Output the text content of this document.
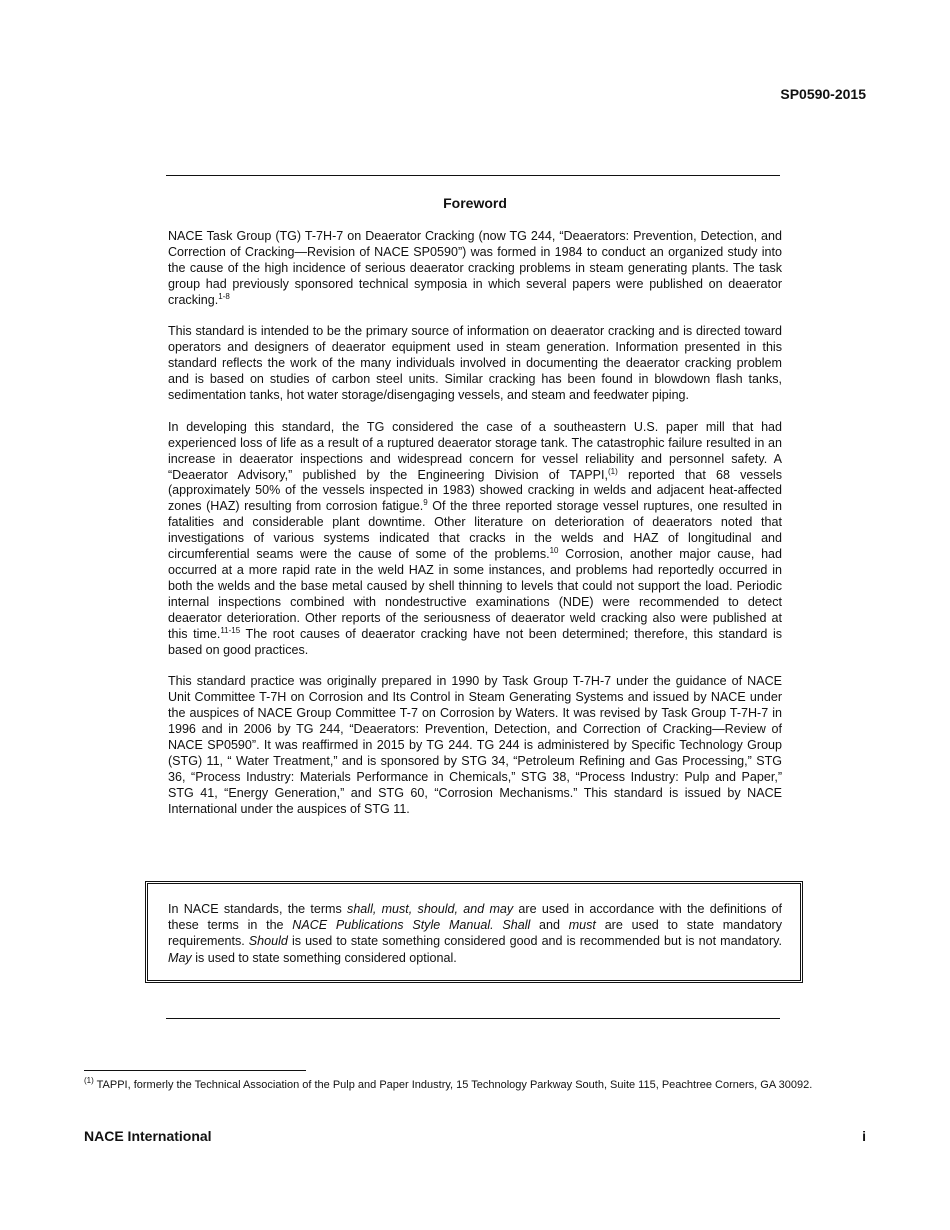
SP0590-2015
Foreword

NACE Task Group (TG) T-7H-7 on Deaerator Cracking (now TG 244, “Deaerators: Prevention, Detection, and Correction of Cracking—Revision of NACE SP0590”) was formed in 1984 to conduct an organized study into the cause of the high incidence of serious deaerator cracking problems in steam generating plants. The task group had previously sponsored technical symposia in which several papers were published on deaerator cracking.$^{1-8}$

This standard is intended to be the primary source of information on deaerator cracking and is directed toward operators and designers of deaerator equipment used in steam generation. Information presented in this standard reflects the work of the many individuals involved in documenting the deaerator cracking problem and is based on studies of carbon steel units. Similar cracking has been found in blowdown flash tanks, sedimentation tanks, hot water storage/disengaging vessels, and steam and feedwater piping.

In developing this standard, the TG considered the case of a southeastern U.S. paper mill that had experienced loss of life as a result of a ruptured deaerator storage tank. The catastrophic failure resulted in an increase in deaerator inspections and widespread concern for vessel reliability and personnel safety. A “Deaerator Advisory,” published by the Engineering Division of TAPPI,$^{(1)}$ reported that 68 vessels (approximately 50% of the vessels inspected in 1983) showed cracking in welds and adjacent heat-affected zones (HAZ) resulting from corrosion fatigue.$^9$ Of the three reported storage vessel ruptures, one resulted in fatalities and considerable plant downtime. Other literature on deterioration of deaerators noted that investigations of various systems indicated that cracks in the welds and HAZ of longitudinal and circumferential seams were the cause of some of the problems.$^{10}$ Corrosion, another major cause, had occurred at a more rapid rate in the weld HAZ in some instances, and problems had reportedly occurred in both the welds and the base metal caused by shell thinning to levels that could not support the load. Periodic internal inspections combined with nondestructive examinations (NDE) were recommended to detect deaerator deterioration. Other reports of the seriousness of deaerator weld cracking also were published at this time.$^{11-15}$ The root causes of deaerator cracking have not been determined; therefore, this standard is based on good practices.

This standard practice was originally prepared in 1990 by Task Group T-7H-7 under the guidance of NACE Unit Committee T-7H on Corrosion and Its Control in Steam Generating Systems and issued by NACE under the auspices of NACE Group Committee T-7 on Corrosion by Waters. It was revised by Task Group T-7H-7 in 1996 and in 2006 by TG 244, “Deaerators: Prevention, Detection, and Correction of Cracking—Review of NACE SP0590”. It was reaffirmed in 2015 by TG 244. TG 244 is administered by Specific Technology Group (STG) 11, “ Water Treatment,” and is sponsored by STG 34, “Petroleum Refining and Gas Processing,” STG 36, “Process Industry: Materials Performance in Chemicals,” STG 38, “Process Industry: Pulp and Paper,” STG 41, “Energy Generation,” and STG 60, “Corrosion Mechanisms.” This standard is issued by NACE International under the auspices of STG 11.

In NACE standards, the terms shall, must, should, and may are used in accordance with the definitions of these terms in the NACE Publications Style Manual. Shall and must are used to state mandatory requirements. Should is used to state something considered good and is recommended but is not mandatory. May is used to state something considered optional.
$^{(1)}$ TAPPI, formerly the Technical Association of the Pulp and Paper Industry, 15 Technology Parkway South, Suite 115, Peachtree Corners, GA 30092.
NACE International	i
